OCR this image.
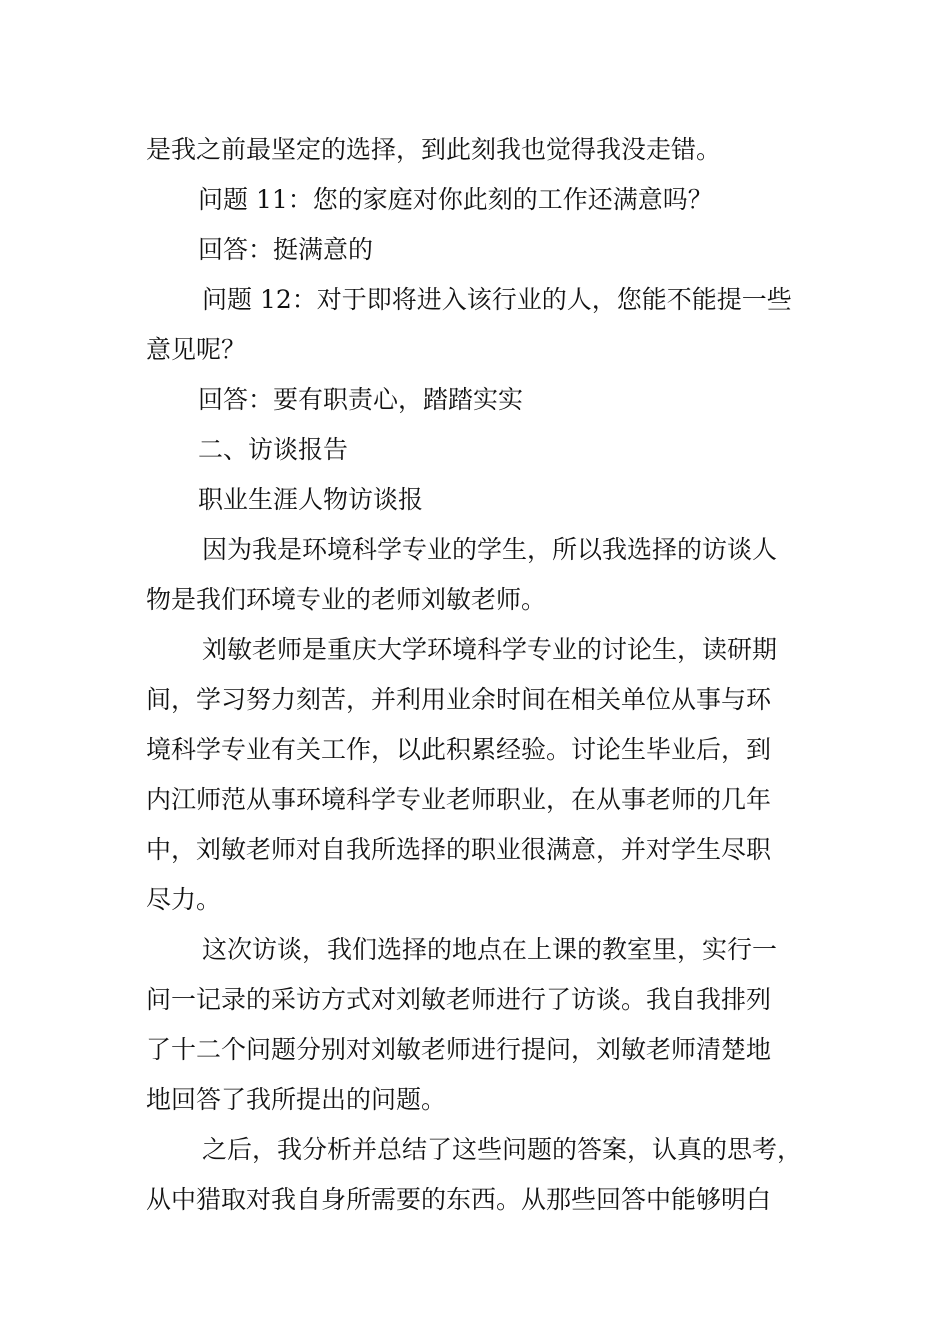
是我之前最坚定的选择，到此刻我也觉得我没走错。
问题 11：您的家庭对你此刻的工作还满意吗？
回答：挺满意的
问题 12：对于即将进入该行业的人，您能不能提一些
意见呢？
回答：要有职责心，踏踏实实
二、访谈报告
职业生涯人物访谈报
因为我是环境科学专业的学生，所以我选择的访谈人
物是我们环境专业的老师刘敏老师。
刘敏老师是重庆大学环境科学专业的讨论生，读研期
间，学习努力刻苦，并利用业余时间在相关单位从事与环
境科学专业有关工作，以此积累经验。讨论生毕业后，到
内江师范从事环境科学专业老师职业，在从事老师的几年
中，刘敏老师对自我所选择的职业很满意，并对学生尽职
尽力。
这次访谈，我们选择的地点在上课的教室里，实行一
问一记录的采访方式对刘敏老师进行了访谈。我自我排列
了十二个问题分别对刘敏老师进行提问，刘敏老师清楚地
地回答了我所提出的问题。
之后，我分析并总结了这些问题的答案，认真的思考，
从中猎取对我自身所需要的东西。从那些回答中能够明白
